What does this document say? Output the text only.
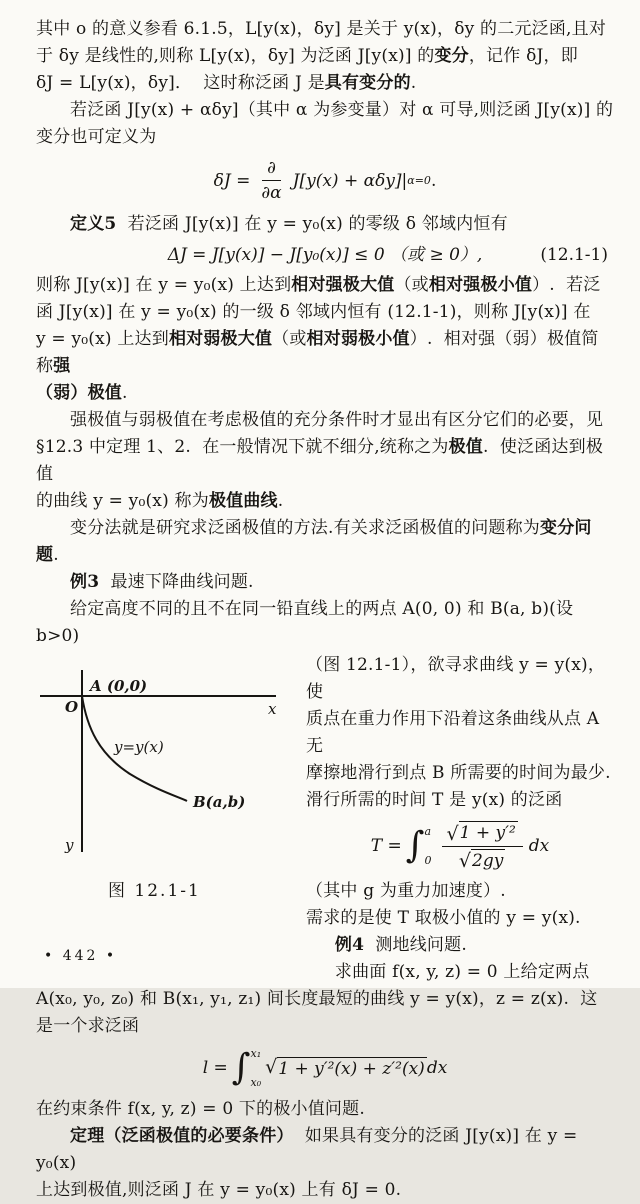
其中 o 的意义参看 6.1.5，L[y(x)，δy] 是关于 y(x)，δy 的二元泛函,且对
于 δy 是线性的,则称 L[y(x)，δy] 为泛函 J[y(x)] 的变分，记作 δJ，即
δJ = L[y(x)，δy]．  这时称泛函 J 是具有变分的.
若泛函 J[y(x) + αδy]（其中 α 为参变量）对 α 可导,则泛函 J[y(x)] 的
变分也可定义为
$\delta J = \frac{\partial}{\partial\alpha} J[y(x) + \alpha\delta y]|$ α=0 .
定义5  若泛函 J[y(x)] 在 y = y₀(x) 的零级 δ 邻域内恒有
ΔJ = J[y(x)] − J[y₀(x)] ≤ 0 （或 ≥ 0）,	(12.1-1)
则称 J[y(x)] 在 y = y₀(x) 上达到相对强极大值（或相对强极小值）.  若泛
函 J[y(x)] 在 y = y₀(x) 的一级 δ 邻域内恒有 (12.1-1)，则称 J[y(x)] 在
y = y₀(x) 上达到相对弱极大值（或相对弱极小值）.  相对强（弱）极值简称强
（弱）极值.
强极值与弱极值在考虑极值的充分条件时才显出有区分它们的必要，见
§12.3 中定理 1、2.  在一般情况下就不细分,统称之为极值.  使泛函达到极值
的曲线 y = y₀(x) 称为极值曲线.
变分法就是研究求泛函极值的方法.有关求泛函极值的问题称为变分问题.
例3  最速下降曲线问题.
给定高度不同的且不在同一铅直线上的两点 A(0, 0) 和 B(a, b)(设 b>0)
x
y
O
A (0,0)
B(a,b)
y=y(x)
图 12.1-1
（图 12.1-1），欲寻求曲线 y = y(x)，使
质点在重力作用下沿着这条曲线从点 A 无
摩擦地滑行到点 B 所需要的时间为最少.
滑行所需的时间 T 是 y(x) 的泛函
T = ∫ a
$0 \frac{\text{√ 1 + y′²}}{√ 2gy}$ dx
（其中 g 为重力加速度）.
需求的是使 T 取极小值的 y = y(x).
例4  测地线问题.
求曲面 f(x, y, z) = 0 上给定两点
A(x₀, y₀, z₀) 和 B(x₁, y₁, z₁) 间长度最短的曲线 y = y(x)，z = z(x).  这
是一个求泛函
l = ∫ x₁
x₀
√ 1 + y′²(x) + z′²(x) dx
在约束条件 f(x, y, z) = 0 下的极小值问题.
定理（泛函极值的必要条件）  如果具有变分的泛函 J[y(x)] 在 y = y₀(x)
上达到极值,则泛函 J 在 y = y₀(x) 上有 δJ = 0.
• 442 •
